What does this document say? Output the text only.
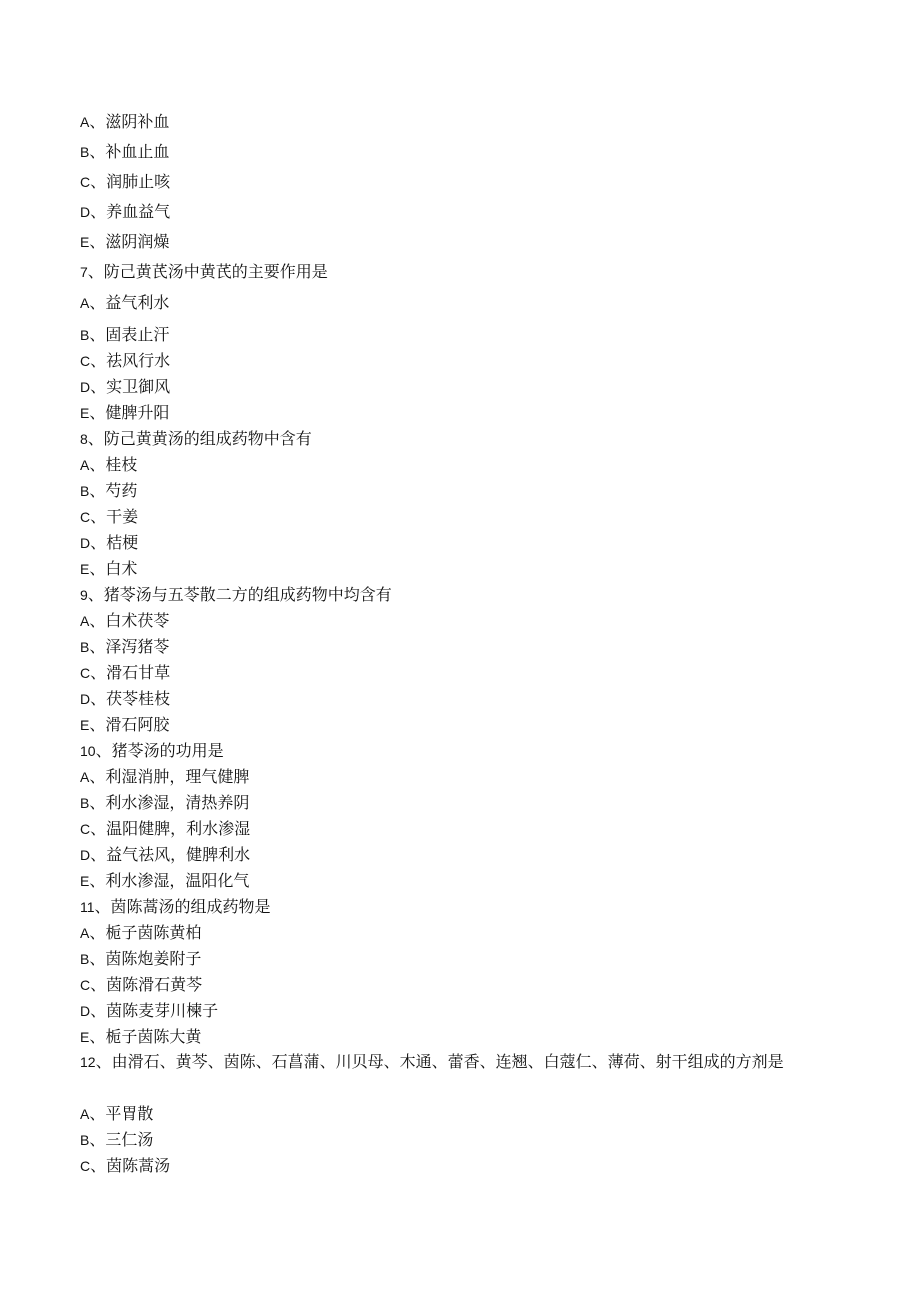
A、滋阴补血
B、补血止血
C、润肺止咳
D、养血益气
E、滋阴润燥
7、防己黄芪汤中黄芪的主要作用是
A、益气利水
B、固表止汗
C、祛风行水
D、实卫御风
E、健脾升阳
8、防己黄黄汤的组成药物中含有
A、桂枝
B、芍药
C、干姜
D、桔梗
E、白术
9、猪苓汤与五苓散二方的组成药物中均含有
A、白术茯苓
B、泽泻猪苓
C、滑石甘草
D、茯苓桂枝
E、滑石阿胶
10、猪苓汤的功用是
A、利湿消肿，理气健脾
B、利水渗湿，清热养阴
C、温阳健脾，利水渗湿
D、益气祛风，健脾利水
E、利水渗湿，温阳化气
11、茵陈蒿汤的组成药物是
A、栀子茵陈黄柏
B、茵陈炮姜附子
C、茵陈滑石黄芩
D、茵陈麦芽川楝子
E、栀子茵陈大黄
12、由滑石、黄芩、茵陈、石菖蒲、川贝母、木通、蕾香、连翘、白蔻仁、薄荷、射干组成的方剂是
A、平胃散
B、三仁汤
C、茵陈蒿汤
